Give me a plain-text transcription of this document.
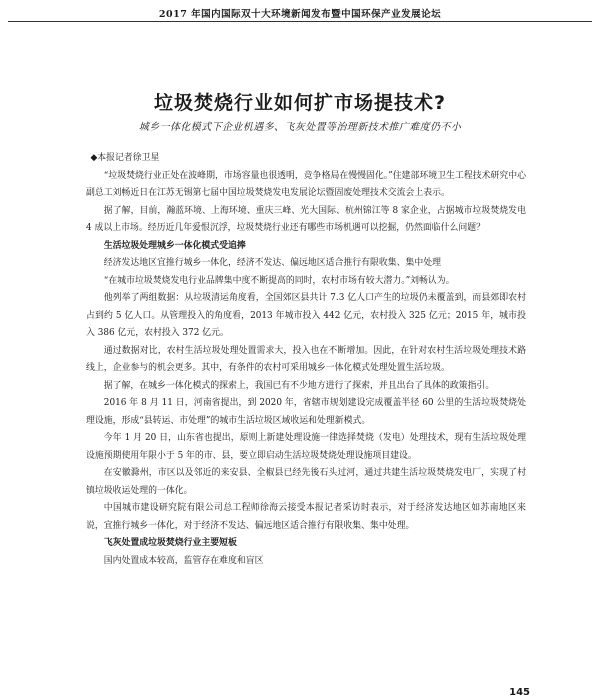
2017 年国内国际双十大环境新闻发布暨中国环保产业发展论坛
垃圾焚烧行业如何扩市场提技术?
城乡一体化模式下企业机遇多、飞灰处置等治理新技术推广难度仍不小

◆本报记者徐卫星

“垃圾焚烧行业正处在波峰期，市场容量也很透明，竞争格局在慢慢固化。”住建部环境卫生工程技术研究中心副总工刘畅近日在江苏无锡第七届中国垃圾焚烧发电发展论坛暨固废处理技术交流会上表示。

据了解，目前，瀚蓝环境、上海环境、重庆三峰、光大国际、杭州锦江等 8 家企业，占据城市垃圾焚烧发电 4 成以上市场。经历近几年爱恨沉浮，垃圾焚烧行业还有哪些市场机遇可以挖掘，仍然面临什么问题？

生活垃圾处理城乡一体化模式受追捧

经济发达地区宜推行城乡一体化，经济不发达、偏远地区适合推行有限收集、集中处理

“在城市垃圾焚烧发电行业品牌集中度不断提高的同时，农村市场有较大潜力。”刘畅认为。

他列举了两组数据：从垃圾清运角度看，全国郊区县共计 7.3 亿人口产生的垃圾仍未覆盖到，而县郊即农村占到约 5 亿人口。从管理投入的角度看，2013 年城市投入 442 亿元，农村投入 325 亿元；2015 年，城市投入 386 亿元，农村投入 372 亿元。

通过数据对比，农村生活垃圾处理处置需求大，投入也在不断增加。因此，在针对农村生活垃圾处理技术路线上，企业参与的机会更多。其中，有条件的农村可采用城乡一体化模式处理处置生活垃圾。

据了解，在城乡一体化模式的探索上，我国已有不少地方进行了探索，并且出台了具体的政策指引。

2016 年 8 月 11 日，河南省提出，到 2020 年，省辖市规划建设完成覆盖半径 60 公里的生活垃圾焚烧处理设施，形成“县转运、市处理”的城市生活垃圾区域收运和处理新模式。

今年 1 月 20 日，山东省也提出，原则上新建处理设施一律选择焚烧（发电）处理技术，现有生活垃圾处理设施预期使用年限小于 5 年的市、县，要立即启动生活垃圾焚烧处理设施项目建设。

在安徽滁州，市区以及邻近的来安县、全椒县已经先後石头过河，通过共建生活垃圾焚烧发电厂，实现了村镇垃圾收运处理的一体化。

中国城市建设研究院有限公司总工程师徐海云接受本报记者采访时表示，对于经济发达地区如苏南地区来说，宜推行城乡一体化，对于经济不发达、偏远地区适合推行有限收集、集中处理。

飞灰处置成垃圾焚烧行业主要短板

国内处置成本较高，监管存在难度和盲区

145
